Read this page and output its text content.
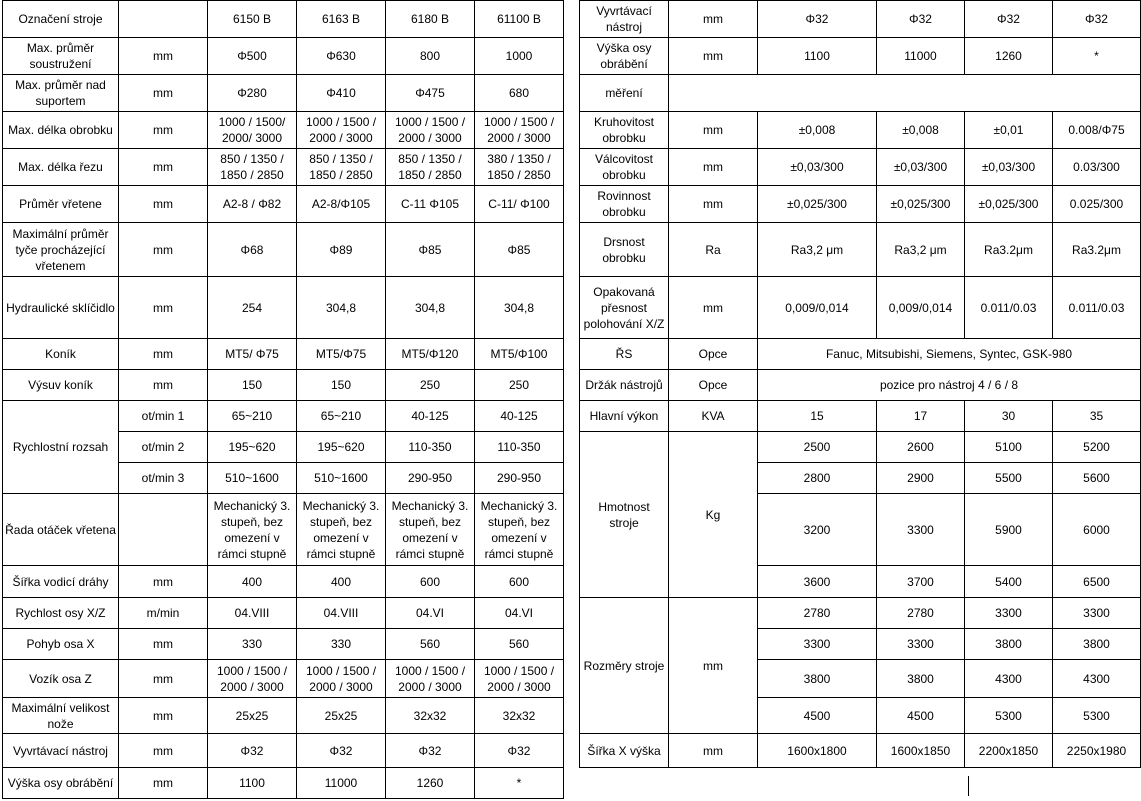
Označení stroje		6150 B	6163 B	6180 B	61100 B
Max. průměr soustružení	mm	Φ500	Φ630	800	1000
Max. průměr nad suportem	mm	Φ280	Φ410	Φ475	680
Max. délka obrobku	mm	1000 / 1500/ 2000/ 3000	1000 / 1500 / 2000 / 3000	1000 / 1500 / 2000 / 3000	1000 / 1500 / 2000 / 3000
Max. délka řezu	mm	850 / 1350 / 1850 / 2850	850 / 1350 / 1850 / 2850	850 / 1350 / 1850 / 2850	380 / 1350 / 1850 / 2850
Průměr vřetene	mm	A2-8 / Φ82	A2-8/Φ105	C-11 Φ105	C-11/ Φ100
Maximální průměr tyče procházející vřetenem	mm	Φ68	Φ89	Φ85	Φ85
Hydraulické sklíčidlo	mm	254	304,8	304,8	304,8
Koník	mm	MT5/ Φ75	MT5/Φ75	MT5/Φ120	MT5/Φ100
Výsuv koník	mm	150	150	250	250
Rychlostní rozsah	ot/min 1	65~210	65~210	40-125	40-125
	ot/min 2	195~620	195~620	110-350	110-350
	ot/min 3	510~1600	510~1600	290-950	290-950
Řada otáček vřetena		Mechanický 3. stupeň, bez omezení v rámci stupně	Mechanický 3. stupeň, bez omezení v rámci stupně	Mechanický 3. stupeň, bez omezení v rámci stupně	Mechanický 3. stupeň, bez omezení v rámci stupně
Šířka vodicí dráhy	mm	400	400	600	600
Rychlost osy X/Z	m/min	04.VIII	04.VIII	04.VI	04.VI
Pohyb osa X	mm	330	330	560	560
Vozík osa Z	mm	1000 / 1500 / 2000 / 3000	1000 / 1500 / 2000 / 3000	1000 / 1500 / 2000 / 3000	1000 / 1500 / 2000 / 3000
Maximální velikost nože	mm	25x25	25x25	32x32	32x32
Vyvrtávací nástroj	mm	Φ32	Φ32	Φ32	Φ32
Výška osy obrábění	mm	1100	11000	1260	*
Vyvrtávací nástroj	mm	Φ32	Φ32	Φ32	Φ32
Výška osy obrábění	mm	1100	11000	1260	*
měření					
Kruhovitost obrobku	mm	±0,008	±0,008	±0,01	0.008/Φ75
Válcovitost obrobku	mm	±0,03/300	±0,03/300	±0,03/300	0.03/300
Rovinnost obrobku	mm	±0,025/300	±0,025/300	±0,025/300	0.025/300
Drsnost obrobku	Ra	Ra3,2 μm	Ra3,2 μm	Ra3.2μm	Ra3.2μm
Opakovaná přesnost polohování X/Z	mm	0,009/0,014	0,009/0,014	0.011/0.03	0.011/0.03
ŘS	Opce	Fanuc, Mitsubishi, Siemens, Syntec, GSK-980			
Držák nástrojů	Opce	pozice pro nástroj 4 / 6 / 8			
Hlavní výkon	KVA	15	17	30	35
Hmotnost stroje	Kg	2500	2600	5100	5200
		2800	2900	5500	5600
		3200	3300	5900	6000
		3600	3700	5400	6500
Rozměry stroje	mm	2780	2780	3300	3300
		3300	3300	3800	3800
		3800	3800	4300	4300
		4500	4500	5300	5300
Šířka X výška	mm	1600x1800	1600x1850	2200x1850	2250x1980
